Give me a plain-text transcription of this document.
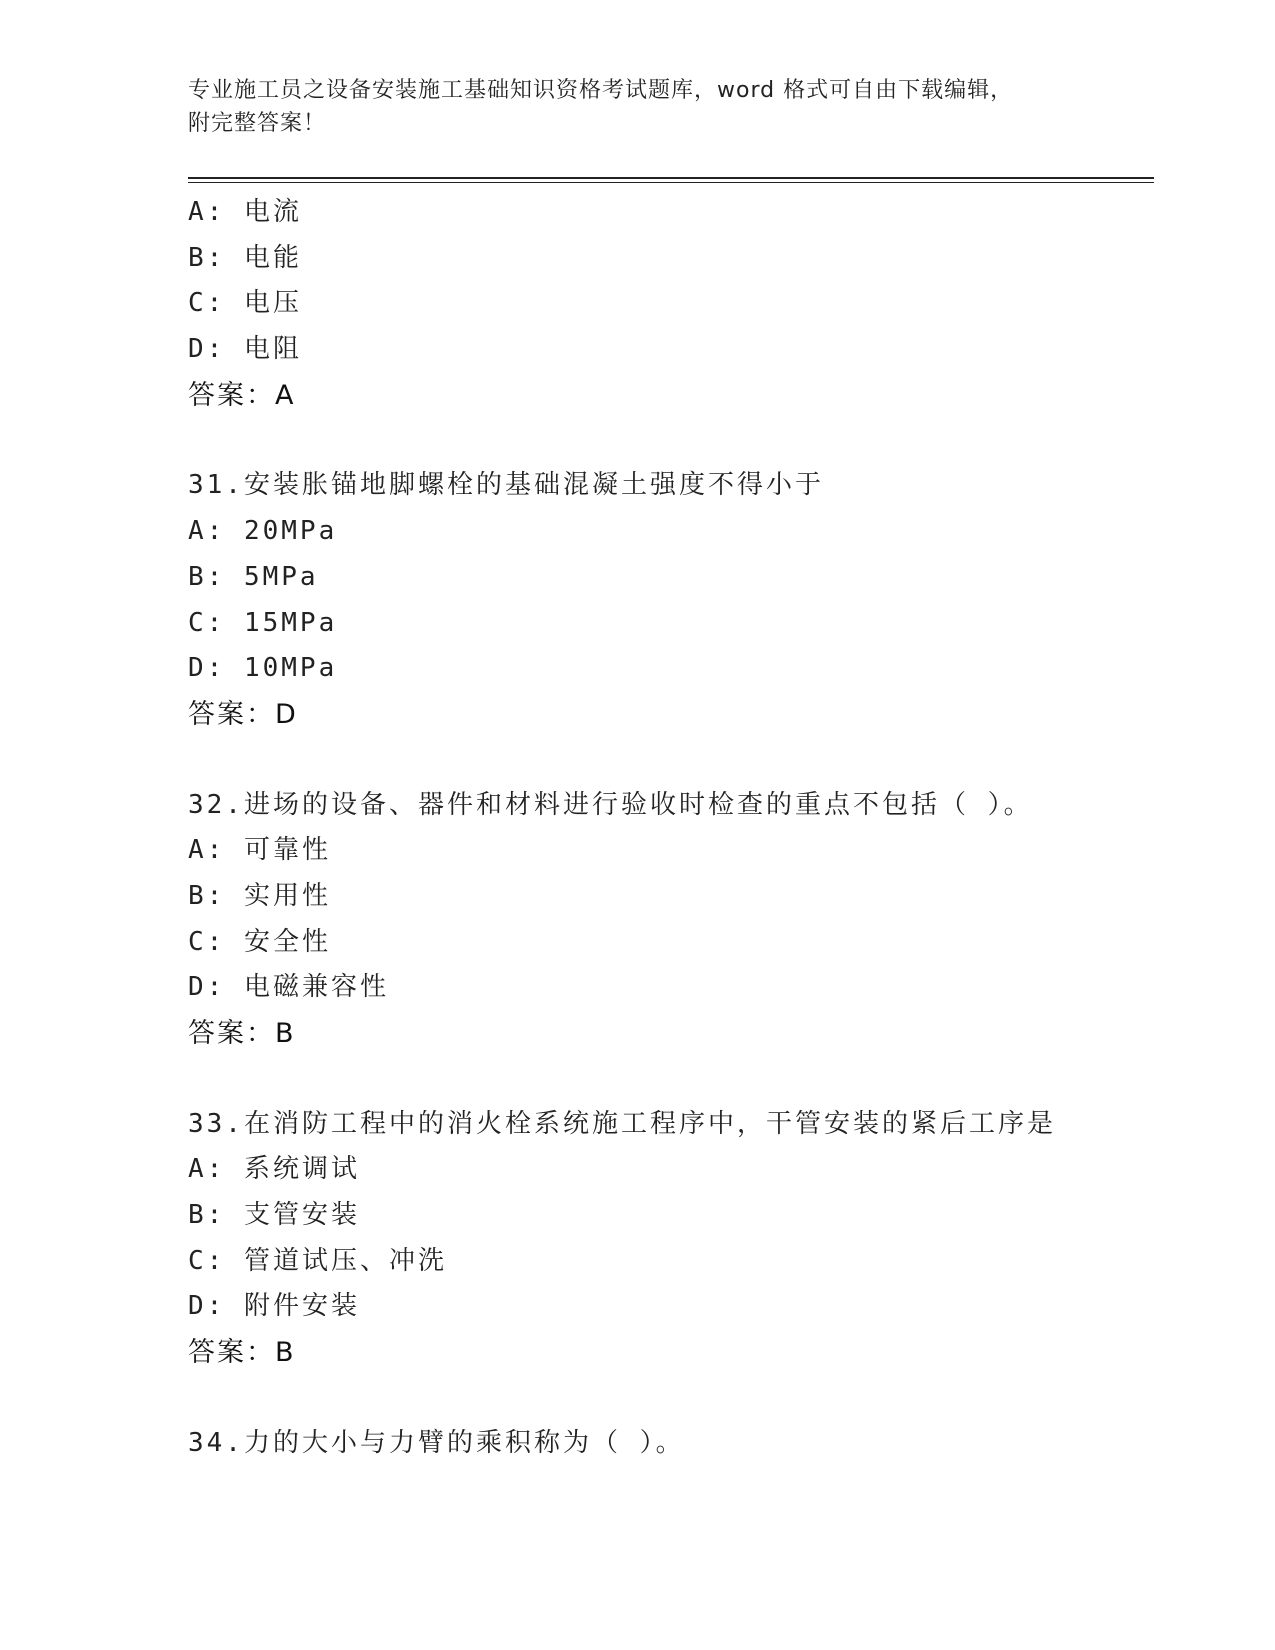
专业施工员之设备安装施工基础知识资格考试题库，word 格式可自由下载编辑，
附完整答案！
A: 电流
B: 电能
C: 电压
D: 电阻
答案：A
31.安装胀锚地脚螺栓的基础混凝土强度不得小于
A: 20MPa
B: 5MPa
C: 15MPa
D: 10MPa
答案：D
32.进场的设备、器件和材料进行验收时检查的重点不包括（ ）。
A: 可靠性
B: 实用性
C: 安全性
D: 电磁兼容性
答案：B
33.在消防工程中的消火栓系统施工程序中，干管安装的紧后工序是
A: 系统调试
B: 支管安装
C: 管道试压、冲洗
D: 附件安装
答案：B
34.力的大小与力臂的乘积称为（ ）。
